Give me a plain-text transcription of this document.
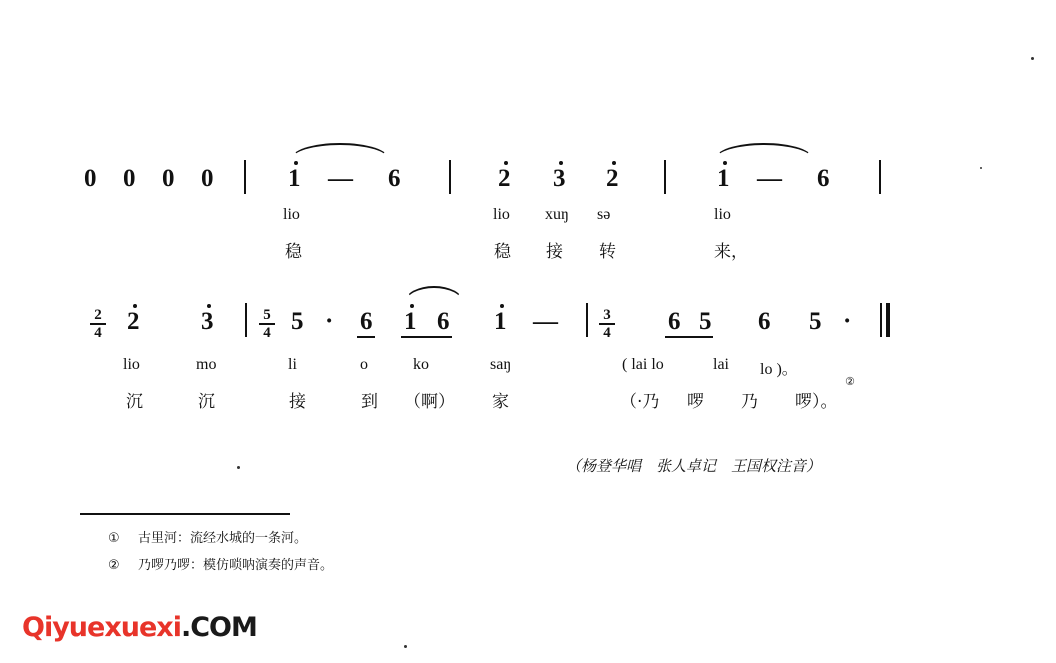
0 0 0 0	1 — 6	2 3 2	1 — 6
lio	lio xuŋ sə	lio
稳	稳 接 转	来，
2
4 2 3	5
4 5 · 6 1 6 1 —	3
4 6 5 6 5 ·
lio	mo	li	o	ko	saŋ	( lai lo	lai lo )。
沉	沉	接	到 （啊） 家	（·乃 啰 乃 啰）。
②
（杨登华唱　张人卓记　王国权注音）
① 古里河：流经水城的一条河。
② 乃啰乃啰：模仿唢呐演奏的声音。
Qiyuexuexi.COM
